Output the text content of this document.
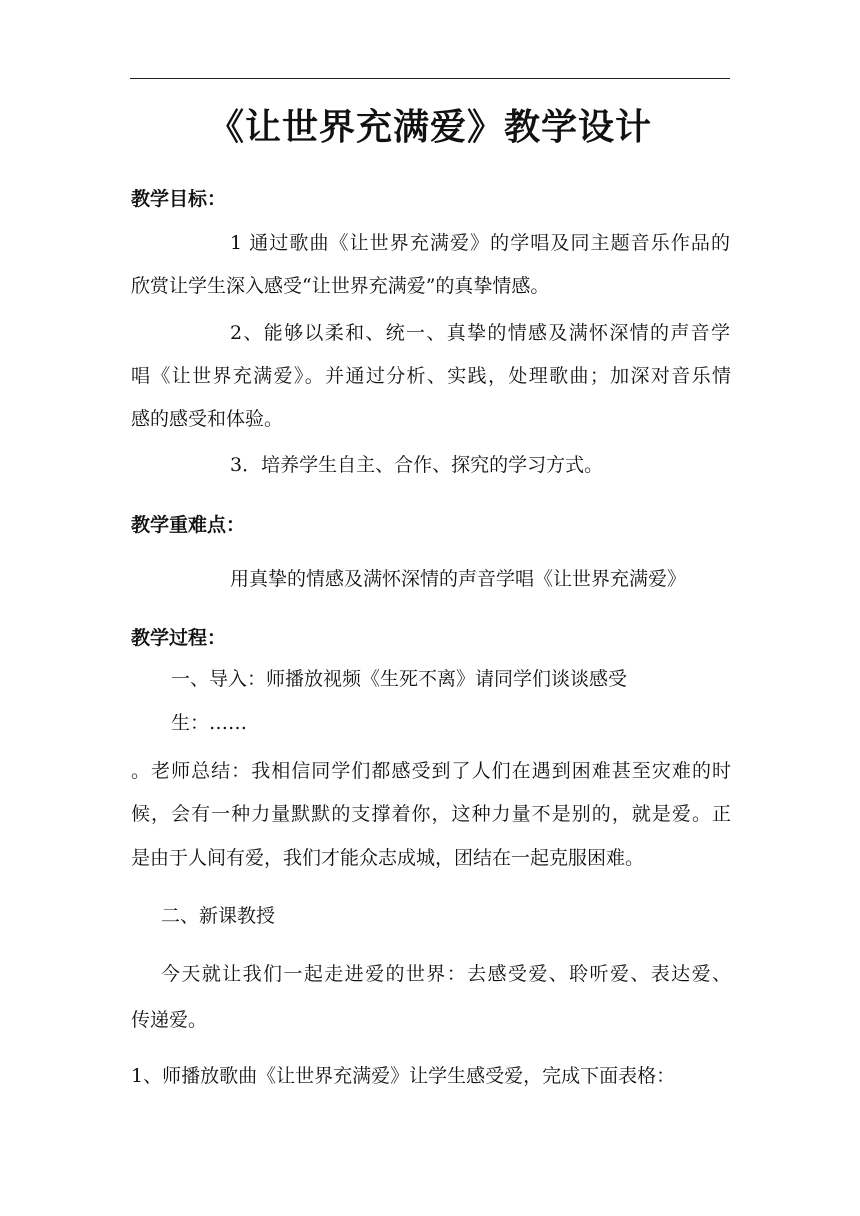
《让世界充满爱》教学设计
教学目标：
1 通过歌曲《让世界充满爱》的学唱及同主题音乐作品的
欣赏让学生深入感受“让世界充满爱”的真挚情感。
2、能够以柔和、统一、真挚的情感及满怀深情的声音学
唱《让世界充满爱》。并通过分析、实践，处理歌曲；加深对音乐情
感的感受和体验。
3．培养学生自主、合作、探究的学习方式。
教学重难点：
用真挚的情感及满怀深情的声音学唱《让世界充满爱》
教学过程：
一、导入：师播放视频《生死不离》请同学们谈谈感受
生：……
。老师总结：我相信同学们都感受到了人们在遇到困难甚至灾难的时
候，会有一种力量默默的支撑着你，这种力量不是别的，就是爱。正
是由于人间有爱，我们才能众志成城，团结在一起克服困难。
二、新课教授
今天就让我们一起走进爱的世界：去感受爱、聆听爱、表达爱、
传递爱。
1、师播放歌曲《让世界充满爱》让学生感受爱，完成下面表格：
